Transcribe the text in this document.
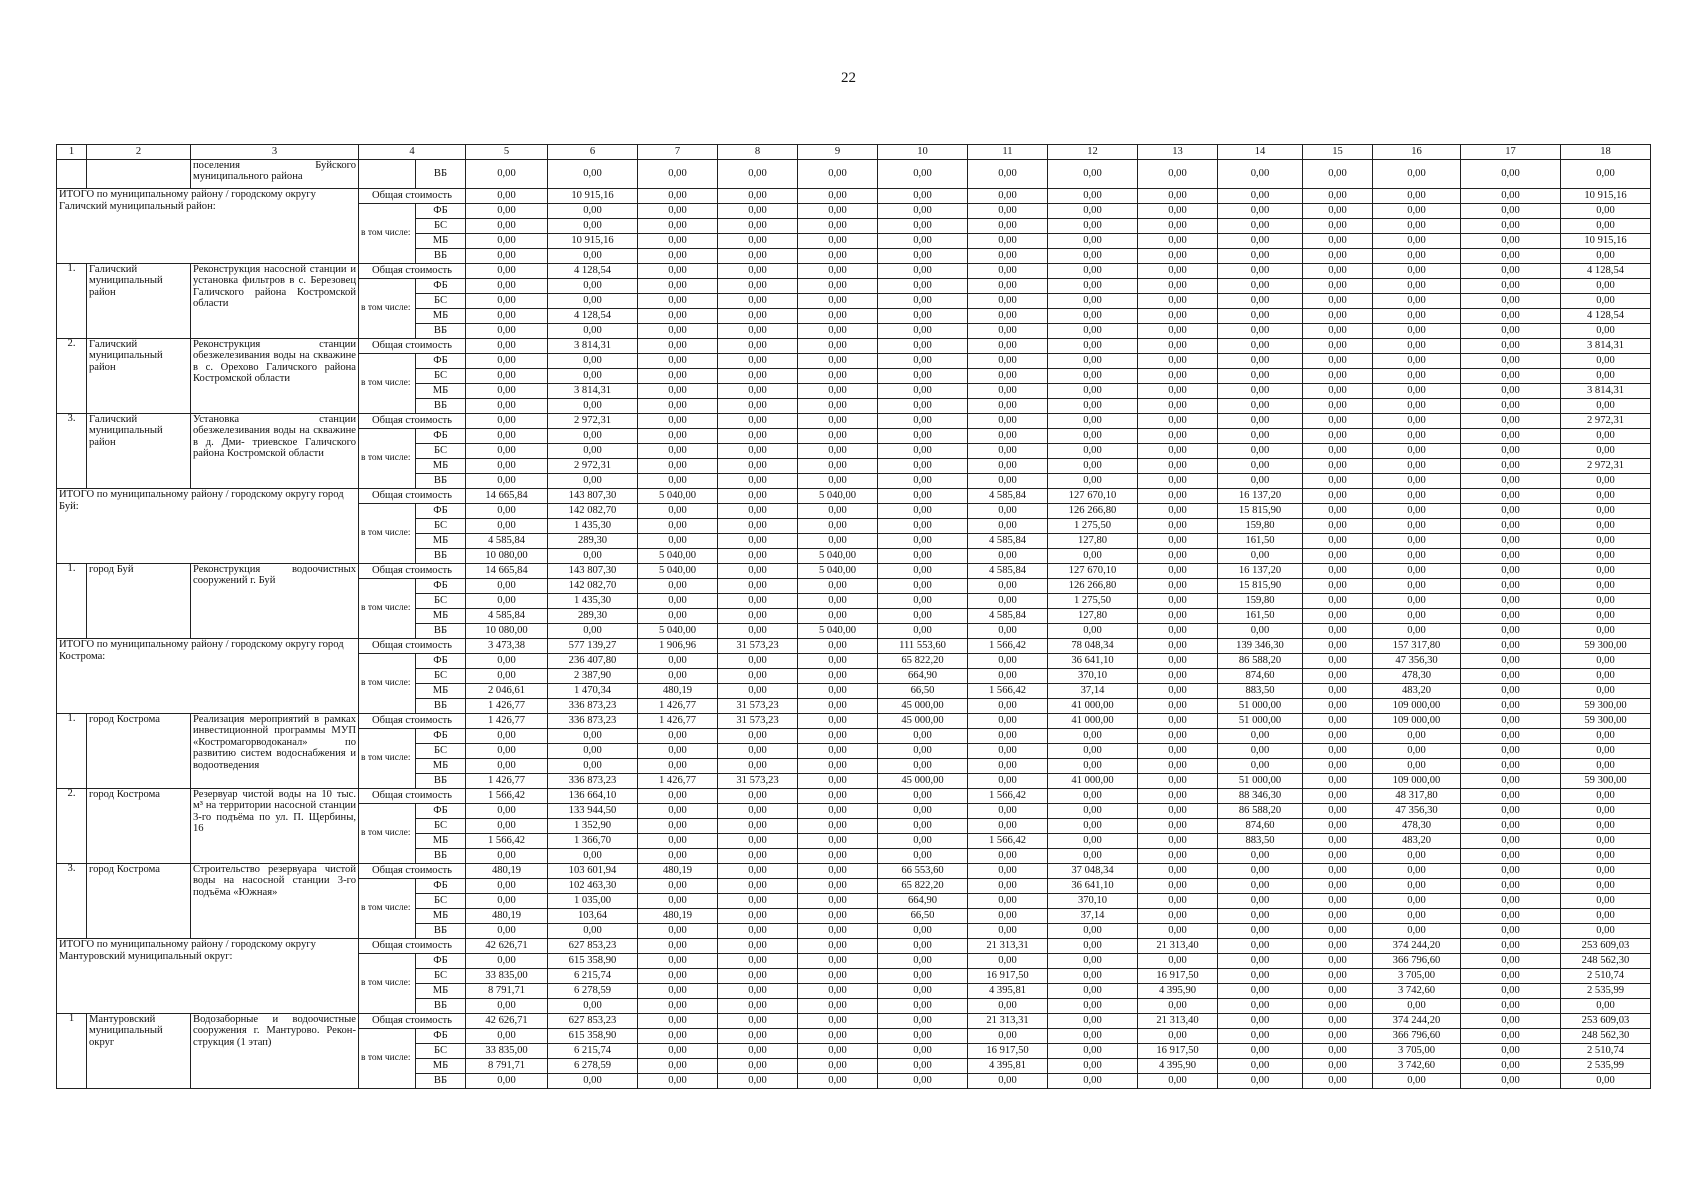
22
1	2	3	4		5	6	7	8	9	10	11	12	13	14	15	16	17	18
		поселения Буйского муниципального района		ВБ	0,00	0,00	0,00	0,00	0,00	0,00	0,00	0,00	0,00	0,00	0,00	0,00	0,00	0,00
ИТОГО по муниципальному району / городскому округу Галичский муниципальный район:			Общая стоимость		0,00	10 915,16	0,00	0,00	0,00	0,00	0,00	0,00	0,00	0,00	0,00	0,00	0,00	10 915,16
			в том числе:	ФБ	0,00	0,00	0,00	0,00	0,00	0,00	0,00	0,00	0,00	0,00	0,00	0,00	0,00	0,00
				БС	0,00	0,00	0,00	0,00	0,00	0,00	0,00	0,00	0,00	0,00	0,00	0,00	0,00	0,00
				МБ	0,00	10 915,16	0,00	0,00	0,00	0,00	0,00	0,00	0,00	0,00	0,00	0,00	0,00	10 915,16
				ВБ	0,00	0,00	0,00	0,00	0,00	0,00	0,00	0,00	0,00	0,00	0,00	0,00	0,00	0,00
1.	Галичский муниципальный район	Реконструкция насосной станции и установка фильтров в с. Березовец Галичского района Костромской области	Общая стоимость		0,00	4 128,54	0,00	0,00	0,00	0,00	0,00	0,00	0,00	0,00	0,00	0,00	0,00	4 128,54
			в том числе:	ФБ	0,00	0,00	0,00	0,00	0,00	0,00	0,00	0,00	0,00	0,00	0,00	0,00	0,00	0,00
				БС	0,00	0,00	0,00	0,00	0,00	0,00	0,00	0,00	0,00	0,00	0,00	0,00	0,00	0,00
				МБ	0,00	4 128,54	0,00	0,00	0,00	0,00	0,00	0,00	0,00	0,00	0,00	0,00	0,00	4 128,54
				ВБ	0,00	0,00	0,00	0,00	0,00	0,00	0,00	0,00	0,00	0,00	0,00	0,00	0,00	0,00
2.	Галичский муниципальный район	Реконструкция станции обезжелезивания воды на скважине в с. Орехово Галичского района Костромской области	Общая стоимость		0,00	3 814,31	0,00	0,00	0,00	0,00	0,00	0,00	0,00	0,00	0,00	0,00	0,00	3 814,31
			в том числе:	ФБ	0,00	0,00	0,00	0,00	0,00	0,00	0,00	0,00	0,00	0,00	0,00	0,00	0,00	0,00
				БС	0,00	0,00	0,00	0,00	0,00	0,00	0,00	0,00	0,00	0,00	0,00	0,00	0,00	0,00
				МБ	0,00	3 814,31	0,00	0,00	0,00	0,00	0,00	0,00	0,00	0,00	0,00	0,00	0,00	3 814,31
				ВБ	0,00	0,00	0,00	0,00	0,00	0,00	0,00	0,00	0,00	0,00	0,00	0,00	0,00	0,00
3.	Галичский муниципальный район	Установка станции обезжелезивания воды на скважине в д. Дми- триевское Галичского района Костромской области	Общая стоимость		0,00	2 972,31	0,00	0,00	0,00	0,00	0,00	0,00	0,00	0,00	0,00	0,00	0,00	2 972,31
			в том числе:	ФБ	0,00	0,00	0,00	0,00	0,00	0,00	0,00	0,00	0,00	0,00	0,00	0,00	0,00	0,00
				БС	0,00	0,00	0,00	0,00	0,00	0,00	0,00	0,00	0,00	0,00	0,00	0,00	0,00	0,00
				МБ	0,00	2 972,31	0,00	0,00	0,00	0,00	0,00	0,00	0,00	0,00	0,00	0,00	0,00	2 972,31
				ВБ	0,00	0,00	0,00	0,00	0,00	0,00	0,00	0,00	0,00	0,00	0,00	0,00	0,00	0,00
ИТОГО по муниципальному району / городскому округу город Буй:			Общая стоимость		14 665,84	143 807,30	5 040,00	0,00	5 040,00	0,00	4 585,84	127 670,10	0,00	16 137,20	0,00	0,00	0,00	0,00
			в том числе:	ФБ	0,00	142 082,70	0,00	0,00	0,00	0,00	0,00	126 266,80	0,00	15 815,90	0,00	0,00	0,00	0,00
				БС	0,00	1 435,30	0,00	0,00	0,00	0,00	0,00	1 275,50	0,00	159,80	0,00	0,00	0,00	0,00
				МБ	4 585,84	289,30	0,00	0,00	0,00	0,00	4 585,84	127,80	0,00	161,50	0,00	0,00	0,00	0,00
				ВБ	10 080,00	0,00	5 040,00	0,00	5 040,00	0,00	0,00	0,00	0,00	0,00	0,00	0,00	0,00	0,00
1.	город Буй	Реконструкция водоочистных сооружений г. Буй	Общая стоимость		14 665,84	143 807,30	5 040,00	0,00	5 040,00	0,00	4 585,84	127 670,10	0,00	16 137,20	0,00	0,00	0,00	0,00
			в том числе:	ФБ	0,00	142 082,70	0,00	0,00	0,00	0,00	0,00	126 266,80	0,00	15 815,90	0,00	0,00	0,00	0,00
				БС	0,00	1 435,30	0,00	0,00	0,00	0,00	0,00	1 275,50	0,00	159,80	0,00	0,00	0,00	0,00
				МБ	4 585,84	289,30	0,00	0,00	0,00	0,00	4 585,84	127,80	0,00	161,50	0,00	0,00	0,00	0,00
				ВБ	10 080,00	0,00	5 040,00	0,00	5 040,00	0,00	0,00	0,00	0,00	0,00	0,00	0,00	0,00	0,00
ИТОГО по муниципальному району / городскому округу город Кострома:			Общая стоимость		3 473,38	577 139,27	1 906,96	31 573,23	0,00	111 553,60	1 566,42	78 048,34	0,00	139 346,30	0,00	157 317,80	0,00	59 300,00
			в том числе:	ФБ	0,00	236 407,80	0,00	0,00	0,00	65 822,20	0,00	36 641,10	0,00	86 588,20	0,00	47 356,30	0,00	0,00
				БС	0,00	2 387,90	0,00	0,00	0,00	664,90	0,00	370,10	0,00	874,60	0,00	478,30	0,00	0,00
				МБ	2 046,61	1 470,34	480,19	0,00	0,00	66,50	1 566,42	37,14	0,00	883,50	0,00	483,20	0,00	0,00
				ВБ	1 426,77	336 873,23	1 426,77	31 573,23	0,00	45 000,00	0,00	41 000,00	0,00	51 000,00	0,00	109 000,00	0,00	59 300,00
1.	город Кострома	Реализация мероприятий в рамках инвестиционной программы МУП «Костромагорводоканал» по развитию систем водоснабжения и водоотведения	Общая стоимость		1 426,77	336 873,23	1 426,77	31 573,23	0,00	45 000,00	0,00	41 000,00	0,00	51 000,00	0,00	109 000,00	0,00	59 300,00
			в том числе:	ФБ	0,00	0,00	0,00	0,00	0,00	0,00	0,00	0,00	0,00	0,00	0,00	0,00	0,00	0,00
				БС	0,00	0,00	0,00	0,00	0,00	0,00	0,00	0,00	0,00	0,00	0,00	0,00	0,00	0,00
				МБ	0,00	0,00	0,00	0,00	0,00	0,00	0,00	0,00	0,00	0,00	0,00	0,00	0,00	0,00
				ВБ	1 426,77	336 873,23	1 426,77	31 573,23	0,00	45 000,00	0,00	41 000,00	0,00	51 000,00	0,00	109 000,00	0,00	59 300,00
2.	город Кострома	Резервуар чистой воды на 10 тыс. м³ на территории насосной станции 3-го подъёма по ул. П. Щербины, 16	Общая стоимость		1 566,42	136 664,10	0,00	0,00	0,00	0,00	1 566,42	0,00	0,00	88 346,30	0,00	48 317,80	0,00	0,00
			в том числе:	ФБ	0,00	133 944,50	0,00	0,00	0,00	0,00	0,00	0,00	0,00	86 588,20	0,00	47 356,30	0,00	0,00
				БС	0,00	1 352,90	0,00	0,00	0,00	0,00	0,00	0,00	0,00	874,60	0,00	478,30	0,00	0,00
				МБ	1 566,42	1 366,70	0,00	0,00	0,00	0,00	1 566,42	0,00	0,00	883,50	0,00	483,20	0,00	0,00
				ВБ	0,00	0,00	0,00	0,00	0,00	0,00	0,00	0,00	0,00	0,00	0,00	0,00	0,00	0,00
3.	город Кострома	Строительство резервуара чистой воды на насосной станции 3-го подъёма «Южная»	Общая стоимость		480,19	103 601,94	480,19	0,00	0,00	66 553,60	0,00	37 048,34	0,00	0,00	0,00	0,00	0,00	0,00
			в том числе:	ФБ	0,00	102 463,30	0,00	0,00	0,00	65 822,20	0,00	36 641,10	0,00	0,00	0,00	0,00	0,00	0,00
				БС	0,00	1 035,00	0,00	0,00	0,00	664,90	0,00	370,10	0,00	0,00	0,00	0,00	0,00	0,00
				МБ	480,19	103,64	480,19	0,00	0,00	66,50	0,00	37,14	0,00	0,00	0,00	0,00	0,00	0,00
				ВБ	0,00	0,00	0,00	0,00	0,00	0,00	0,00	0,00	0,00	0,00	0,00	0,00	0,00	0,00
ИТОГО по муниципальному району / городскому округу Мантуровский муниципальный округ:			Общая стоимость		42 626,71	627 853,23	0,00	0,00	0,00	0,00	21 313,31	0,00	21 313,40	0,00	0,00	374 244,20	0,00	253 609,03
			в том числе:	ФБ	0,00	615 358,90	0,00	0,00	0,00	0,00	0,00	0,00	0,00	0,00	0,00	366 796,60	0,00	248 562,30
				БС	33 835,00	6 215,74	0,00	0,00	0,00	0,00	16 917,50	0,00	16 917,50	0,00	0,00	3 705,00	0,00	2 510,74
				МБ	8 791,71	6 278,59	0,00	0,00	0,00	0,00	4 395,81	0,00	4 395,90	0,00	0,00	3 742,60	0,00	2 535,99
				ВБ	0,00	0,00	0,00	0,00	0,00	0,00	0,00	0,00	0,00	0,00	0,00	0,00	0,00	0,00
1	Мантуровский муниципальный округ	Водозаборные и водоочистные сооружения г. Мантурово. Рекон- струкция (1 этап)	Общая стоимость		42 626,71	627 853,23	0,00	0,00	0,00	0,00	21 313,31	0,00	21 313,40	0,00	0,00	374 244,20	0,00	253 609,03
			в том числе:	ФБ	0,00	615 358,90	0,00	0,00	0,00	0,00	0,00	0,00	0,00	0,00	0,00	366 796,60	0,00	248 562,30
				БС	33 835,00	6 215,74	0,00	0,00	0,00	0,00	16 917,50	0,00	16 917,50	0,00	0,00	3 705,00	0,00	2 510,74
				МБ	8 791,71	6 278,59	0,00	0,00	0,00	0,00	4 395,81	0,00	4 395,90	0,00	0,00	3 742,60	0,00	2 535,99
				ВБ	0,00	0,00	0,00	0,00	0,00	0,00	0,00	0,00	0,00	0,00	0,00	0,00	0,00	0,00
